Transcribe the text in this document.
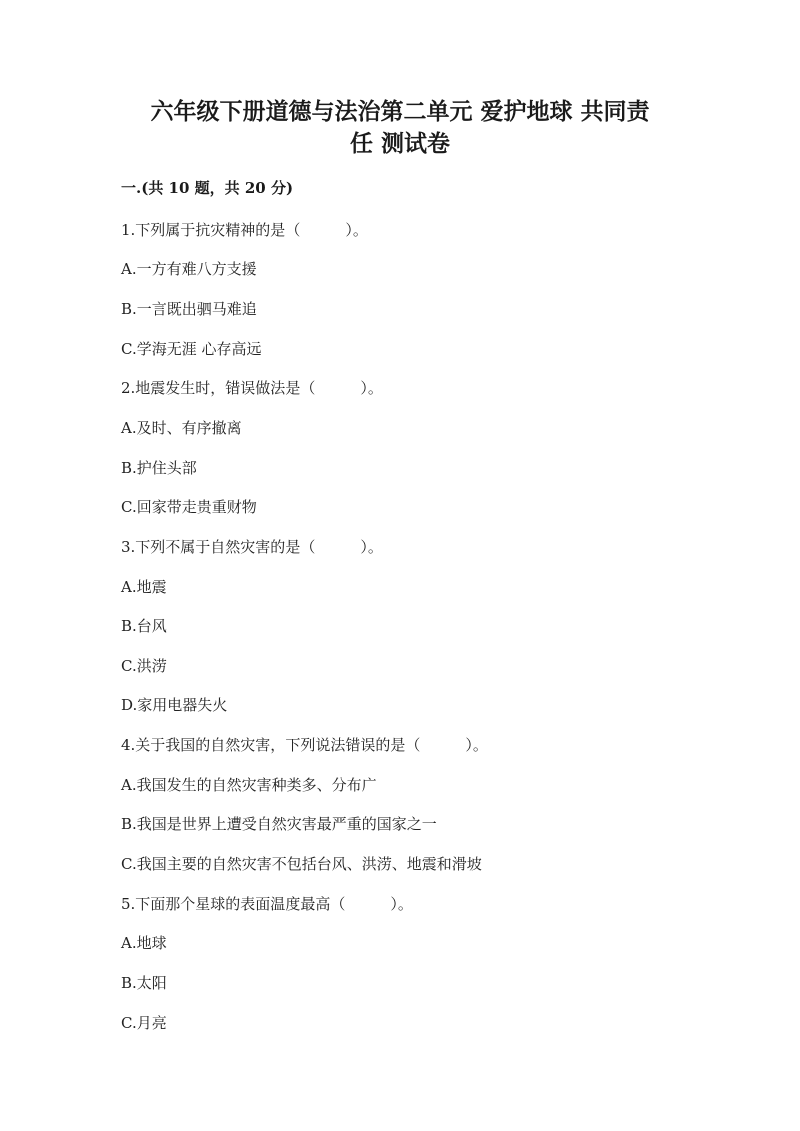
六年级下册道德与法治第二单元 爱护地球 共同责
任 测试卷
一.(共 10 题，共 20 分)
1.下列属于抗灾精神的是（　　　）。
A.一方有难八方支援
B.一言既出驷马难追
C.学海无涯 心存高远
2.地震发生时，错误做法是（　　　）。
A.及时、有序撤离
B.护住头部
C.回家带走贵重财物
3.下列不属于自然灾害的是（　　　）。
A.地震
B.台风
C.洪涝
D.家用电器失火
4.关于我国的自然灾害，下列说法错误的是（　　　）。
A.我国发生的自然灾害种类多、分布广
B.我国是世界上遭受自然灾害最严重的国家之一
C.我国主要的自然灾害不包括台风、洪涝、地震和滑坡
5.下面那个星球的表面温度最高（　　　）。
A.地球
B.太阳
C.月亮
